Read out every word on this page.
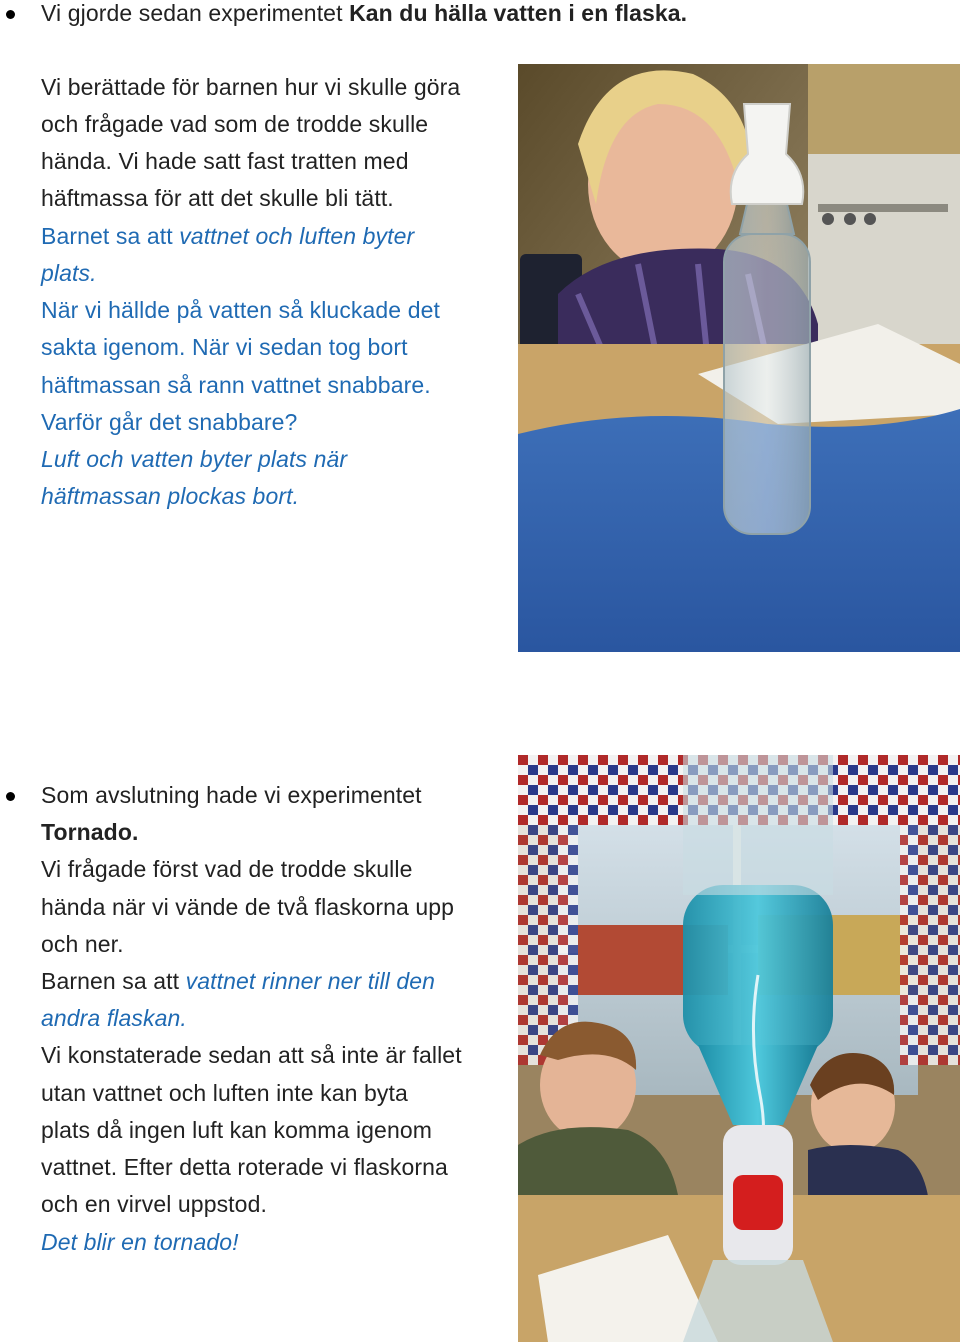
Vi gjorde sedan experimentet Kan du hälla vatten i en flaska.
Vi berättade för barnen hur vi skulle göra
och frågade vad som de trodde skulle
hända. Vi hade satt fast tratten med
häftmassa för att det skulle bli tätt.
Barnet sa att vattnet och luften byter
plats.
När vi hällde på vatten så kluckade det
sakta igenom. När vi sedan tog bort
häftmassan så rann vattnet snabbare.
Varför går det snabbare?
Luft och vatten byter plats när
häftmassan plockas bort.
Som avslutning hade vi experimentet
Tornado.
Vi frågade först vad de trodde skulle
hända när vi vände de två flaskorna upp
och ner.
Barnen sa att vattnet rinner ner till den
andra flaskan.
Vi konstaterade sedan att så inte är fallet
utan vattnet och luften inte kan byta
plats då ingen luft kan komma igenom
vattnet. Efter detta roterade vi flaskorna
och en virvel uppstod.
Det blir en tornado!
